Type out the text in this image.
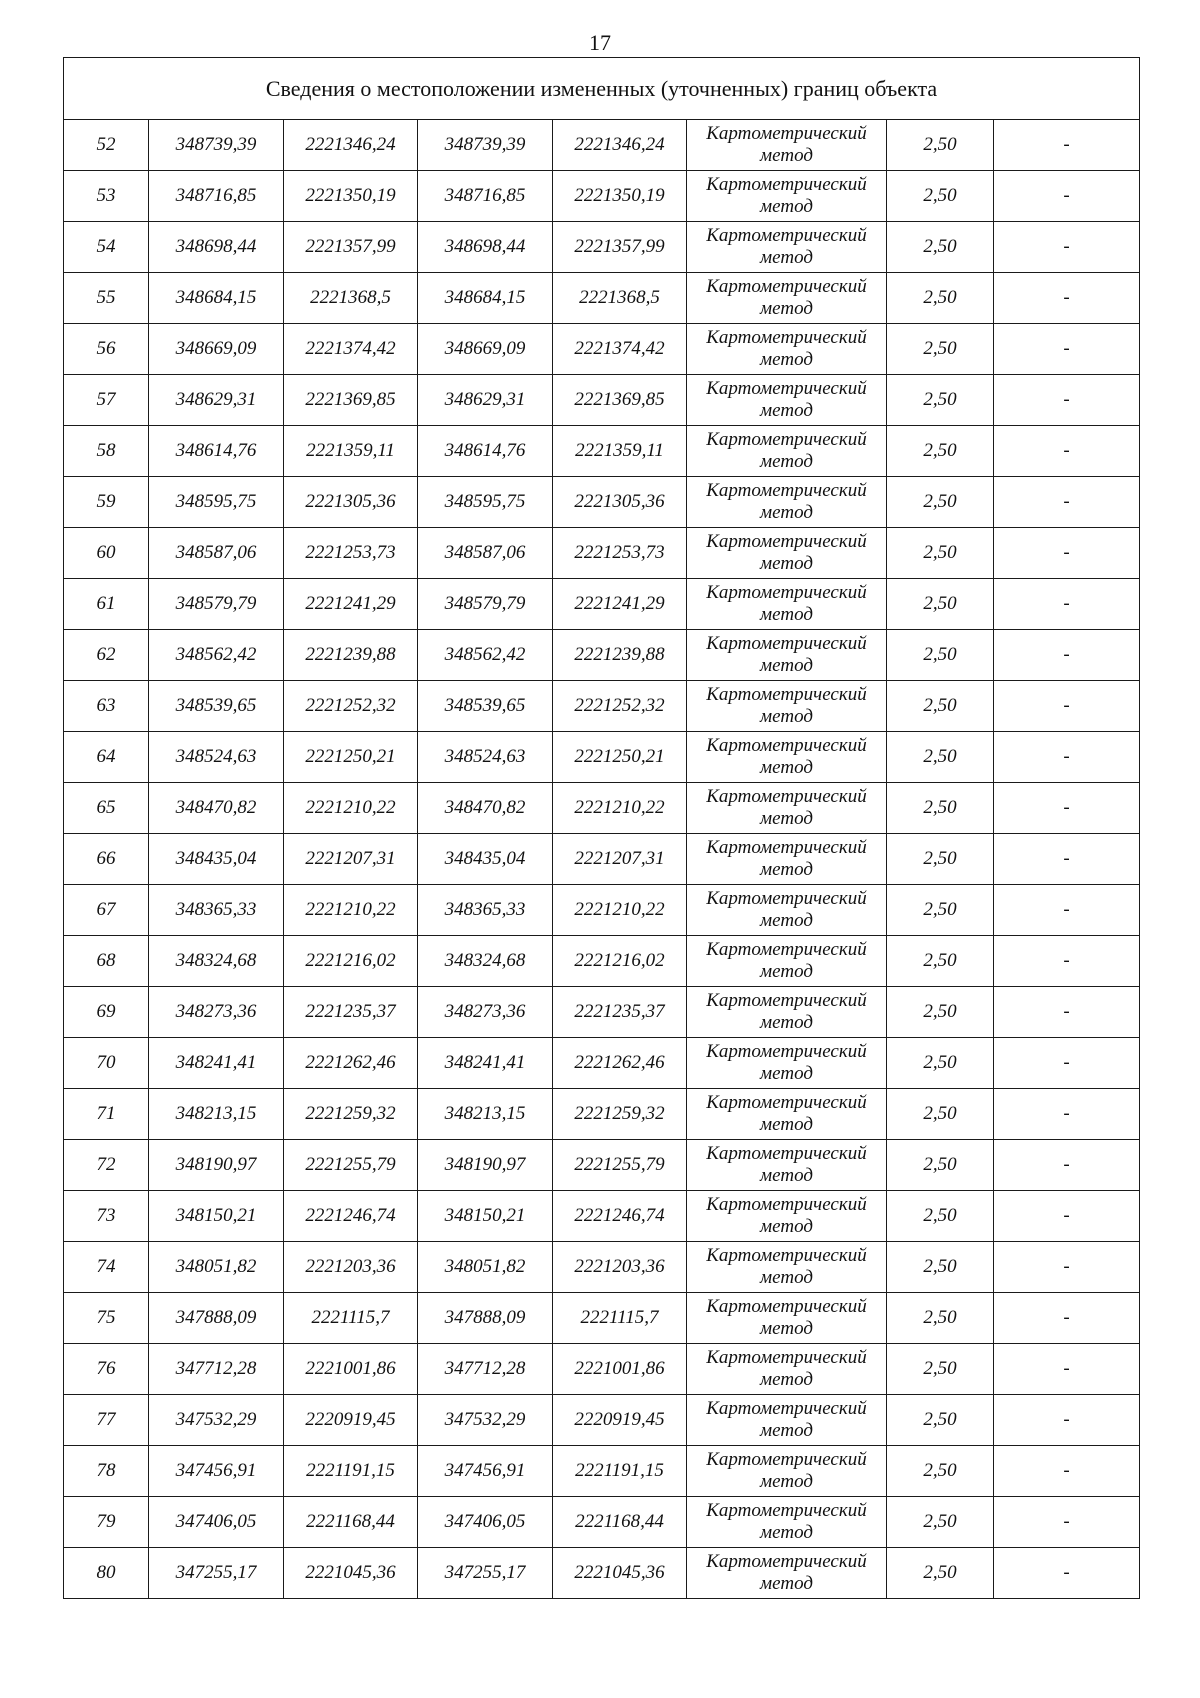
17
Сведения о местоположении измененных (уточненных) границ объекта							
52	348739,39	2221346,24	348739,39	2221346,24	Картометрический метод	2,50	-
53	348716,85	2221350,19	348716,85	2221350,19	Картометрический метод	2,50	-
54	348698,44	2221357,99	348698,44	2221357,99	Картометрический метод	2,50	-
55	348684,15	2221368,5	348684,15	2221368,5	Картометрический метод	2,50	-
56	348669,09	2221374,42	348669,09	2221374,42	Картометрический метод	2,50	-
57	348629,31	2221369,85	348629,31	2221369,85	Картометрический метод	2,50	-
58	348614,76	2221359,11	348614,76	2221359,11	Картометрический метод	2,50	-
59	348595,75	2221305,36	348595,75	2221305,36	Картометрический метод	2,50	-
60	348587,06	2221253,73	348587,06	2221253,73	Картометрический метод	2,50	-
61	348579,79	2221241,29	348579,79	2221241,29	Картометрический метод	2,50	-
62	348562,42	2221239,88	348562,42	2221239,88	Картометрический метод	2,50	-
63	348539,65	2221252,32	348539,65	2221252,32	Картометрический метод	2,50	-
64	348524,63	2221250,21	348524,63	2221250,21	Картометрический метод	2,50	-
65	348470,82	2221210,22	348470,82	2221210,22	Картометрический метод	2,50	-
66	348435,04	2221207,31	348435,04	2221207,31	Картометрический метод	2,50	-
67	348365,33	2221210,22	348365,33	2221210,22	Картометрический метод	2,50	-
68	348324,68	2221216,02	348324,68	2221216,02	Картометрический метод	2,50	-
69	348273,36	2221235,37	348273,36	2221235,37	Картометрический метод	2,50	-
70	348241,41	2221262,46	348241,41	2221262,46	Картометрический метод	2,50	-
71	348213,15	2221259,32	348213,15	2221259,32	Картометрический метод	2,50	-
72	348190,97	2221255,79	348190,97	2221255,79	Картометрический метод	2,50	-
73	348150,21	2221246,74	348150,21	2221246,74	Картометрический метод	2,50	-
74	348051,82	2221203,36	348051,82	2221203,36	Картометрический метод	2,50	-
75	347888,09	2221115,7	347888,09	2221115,7	Картометрический метод	2,50	-
76	347712,28	2221001,86	347712,28	2221001,86	Картометрический метод	2,50	-
77	347532,29	2220919,45	347532,29	2220919,45	Картометрический метод	2,50	-
78	347456,91	2221191,15	347456,91	2221191,15	Картометрический метод	2,50	-
79	347406,05	2221168,44	347406,05	2221168,44	Картометрический метод	2,50	-
80	347255,17	2221045,36	347255,17	2221045,36	Картометрический метод	2,50	-
